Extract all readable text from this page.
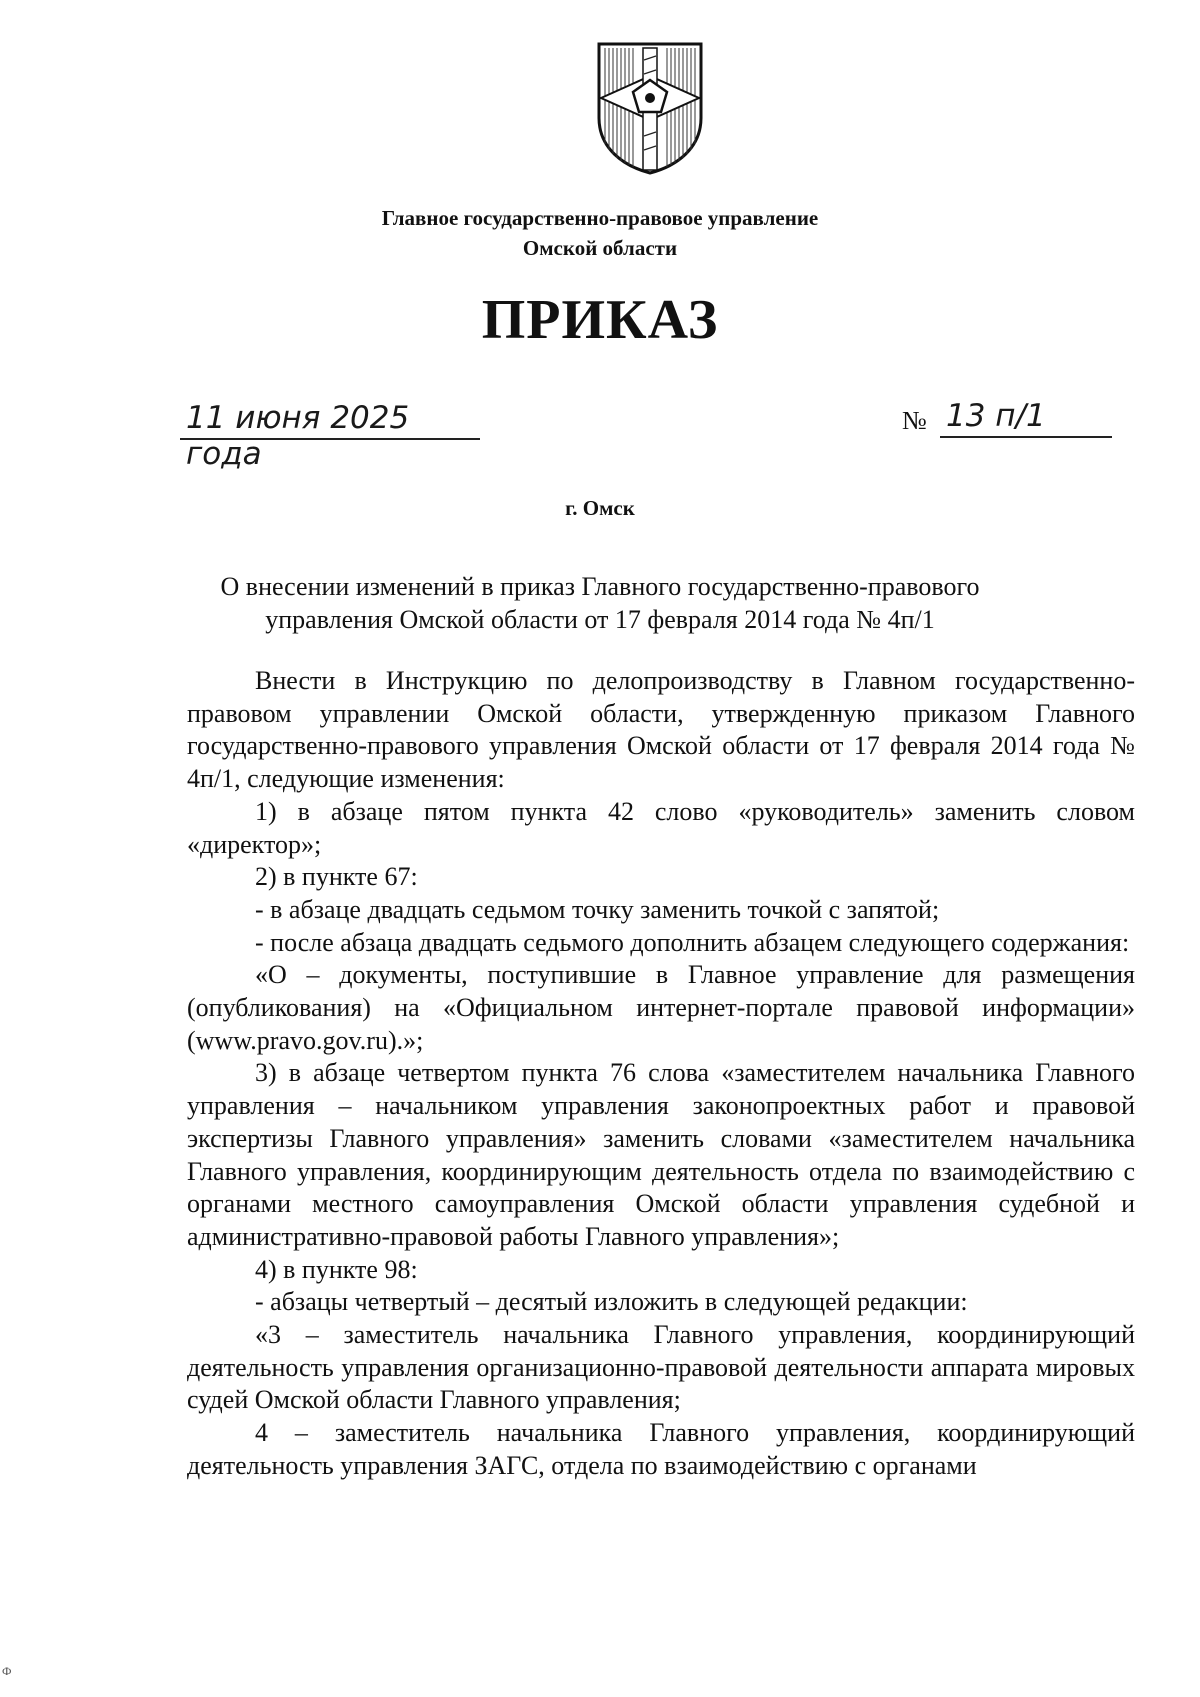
Главное государственно-правовое управление
Омской области
ПРИКАЗ
11 июня 2025 года
№ 13 п/1
г. Омск
О внесении изменений в приказ Главного государственно-правового
управления Омской области от 17 февраля 2014 года № 4п/1

Внести в Инструкцию по делопроизводству в Главном государственно-правовом управлении Омской области, утвержденную приказом Главного государственно-правового управления Омской области от 17 февраля 2014 года № 4п/1, следующие изменения:

1) в абзаце пятом пункта 42 слово «руководитель» заменить словом «директор»;

2) в пункте 67:

- в абзаце двадцать седьмом точку заменить точкой с запятой;

- после абзаца двадцать седьмого дополнить абзацем следующего содержания:

«О – документы, поступившие в Главное управление для размещения (опубликования) на «Официальном интернет-портале правовой информации» (www.pravo.gov.ru).»;

3) в абзаце четвертом пункта 76 слова «заместителем начальника Главного управления – начальником управления законопроектных работ и правовой экспертизы Главного управления» заменить словами «заместителем начальника Главного управления, координирующим деятельность отдела по взаимодействию с органами местного самоуправления Омской области управления судебной и административно-правовой работы Главного управления»;

4) в пункте 98:

- абзацы четвертый – десятый изложить в следующей редакции:

«3 – заместитель начальника Главного управления, координирующий деятельность управления организационно-правовой деятельности аппарата мировых судей Омской области Главного управления;

4 – заместитель начальника Главного управления, координирующий деятельность управления ЗАГС, отдела по взаимодействию с органами

Ф
